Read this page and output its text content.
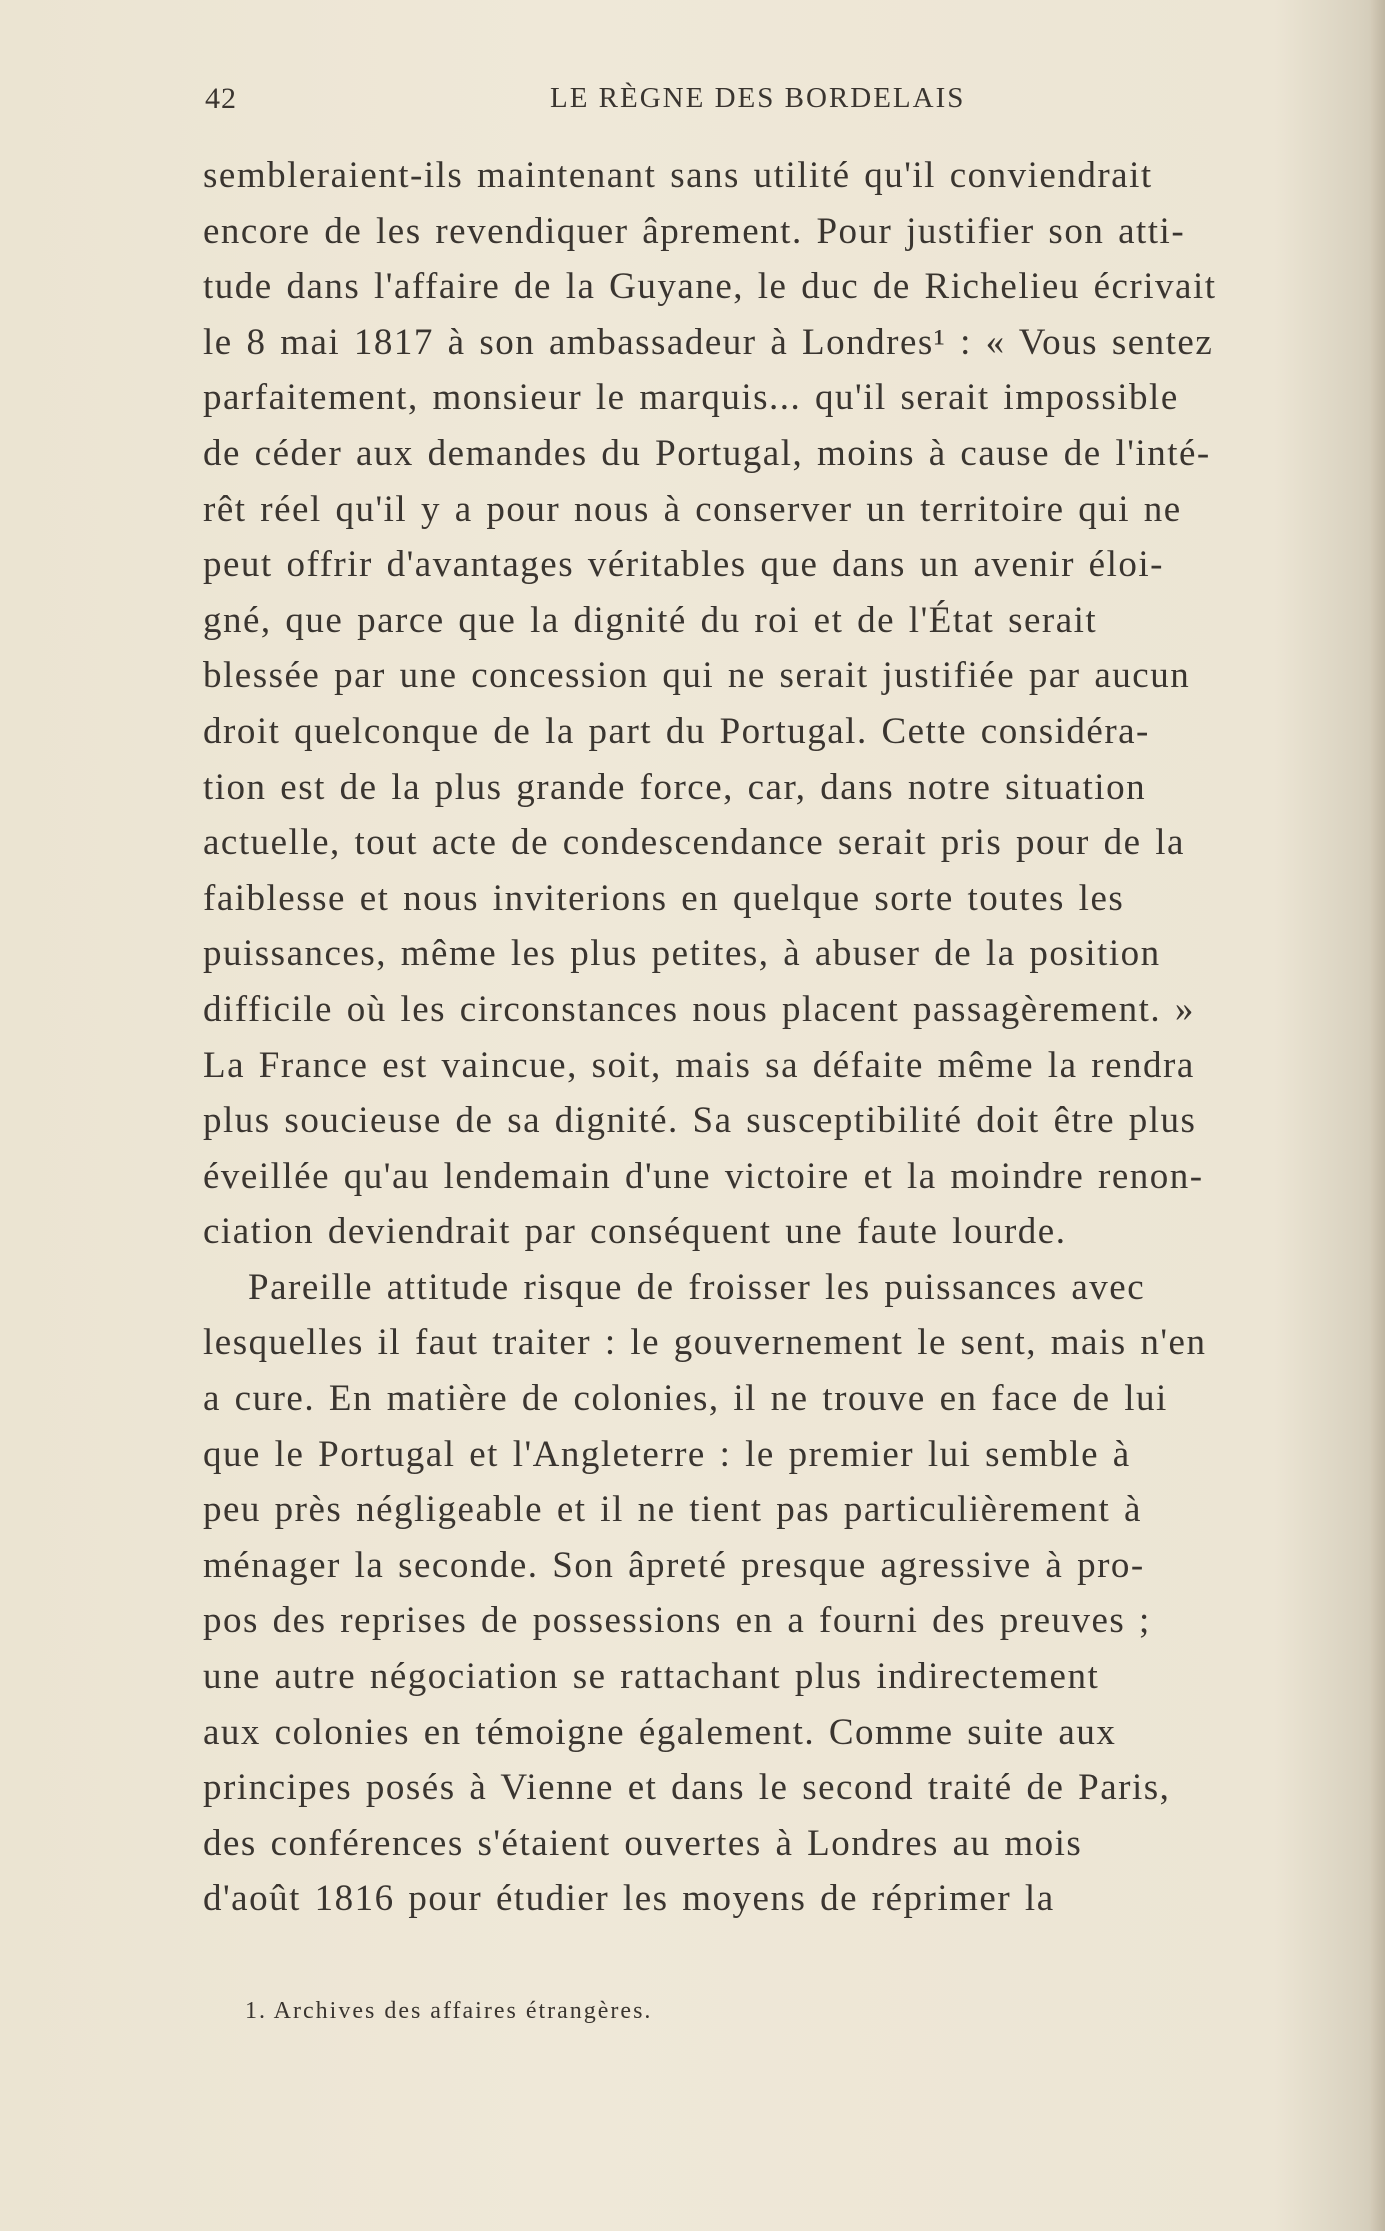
42	LE RÈGNE DES BORDELAIS
sembleraient-ils maintenant sans utilité qu'il conviendrait
encore de les revendiquer âprement. Pour justifier son atti-
tude dans l'affaire de la Guyane, le duc de Richelieu écrivait
le 8 mai 1817 à son ambassadeur à Londres¹ : « Vous sentez
parfaitement, monsieur le marquis... qu'il serait impossible
de céder aux demandes du Portugal, moins à cause de l'inté-
rêt réel qu'il y a pour nous à conserver un territoire qui ne
peut offrir d'avantages véritables que dans un avenir éloi-
gné, que parce que la dignité du roi et de l'État serait
blessée par une concession qui ne serait justifiée par aucun
droit quelconque de la part du Portugal. Cette considéra-
tion est de la plus grande force, car, dans notre situation
actuelle, tout acte de condescendance serait pris pour de la
faiblesse et nous inviterions en quelque sorte toutes les
puissances, même les plus petites, à abuser de la position
difficile où les circonstances nous placent passagèrement. »
La France est vaincue, soit, mais sa défaite même la rendra
plus soucieuse de sa dignité. Sa susceptibilité doit être plus
éveillée qu'au lendemain d'une victoire et la moindre renon-
ciation deviendrait par conséquent une faute lourde.
Pareille attitude risque de froisser les puissances avec
lesquelles il faut traiter : le gouvernement le sent, mais n'en
a cure. En matière de colonies, il ne trouve en face de lui
que le Portugal et l'Angleterre : le premier lui semble à
peu près négligeable et il ne tient pas particulièrement à
ménager la seconde. Son âpreté presque agressive à pro-
pos des reprises de possessions en a fourni des preuves ;
une autre négociation se rattachant plus indirectement
aux colonies en témoigne également. Comme suite aux
principes posés à Vienne et dans le second traité de Paris,
des conférences s'étaient ouvertes à Londres au mois
d'août 1816 pour étudier les moyens de réprimer la
1. Archives des affaires étrangères.
